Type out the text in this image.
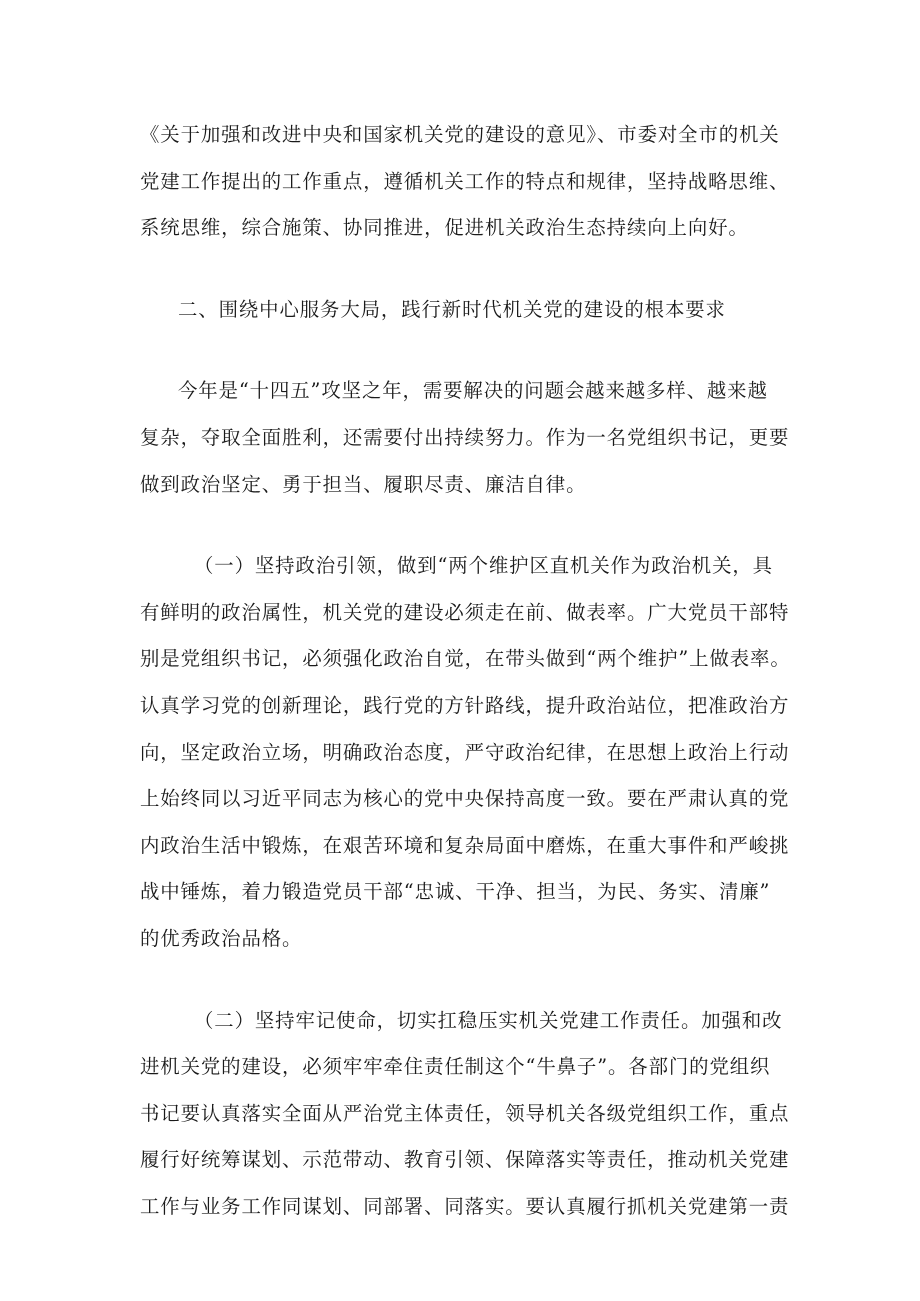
《关于加强和改进中央和国家机关党的建设的意见》、市委对全市的机关
党建工作提出的工作重点，遵循机关工作的特点和规律，坚持战略思维、
系统思维，综合施策、协同推进，促进机关政治生态持续向上向好。
二、围绕中心服务大局，践行新时代机关党的建设的根本要求
今年是“十四五”攻坚之年，需要解决的问题会越来越多样、越来越
复杂，夺取全面胜利，还需要付出持续努力。作为一名党组织书记，更要
做到政治坚定、勇于担当、履职尽责、廉洁自律。
（一）坚持政治引领，做到“两个维护区直机关作为政治机关，具
有鲜明的政治属性，机关党的建设必须走在前、做表率。广大党员干部特
别是党组织书记，必须强化政治自觉，在带头做到“两个维护”上做表率。
认真学习党的创新理论，践行党的方针路线，提升政治站位，把准政治方
向，坚定政治立场，明确政治态度，严守政治纪律，在思想上政治上行动
上始终同以习近平同志为核心的党中央保持高度一致。要在严肃认真的党
内政治生活中锻炼，在艰苦环境和复杂局面中磨炼，在重大事件和严峻挑
战中锤炼，着力锻造党员干部“忠诚、干净、担当，为民、务实、清廉”
的优秀政治品格。
（二）坚持牢记使命，切实扛稳压实机关党建工作责任。加强和改
进机关党的建设，必须牢牢牵住责任制这个“牛鼻子”。各部门的党组织
书记要认真落实全面从严治党主体责任，领导机关各级党组织工作，重点
履行好统筹谋划、示范带动、教育引领、保障落实等责任，推动机关党建
工作与业务工作同谋划、同部署、同落实。要认真履行抓机关党建第一责
